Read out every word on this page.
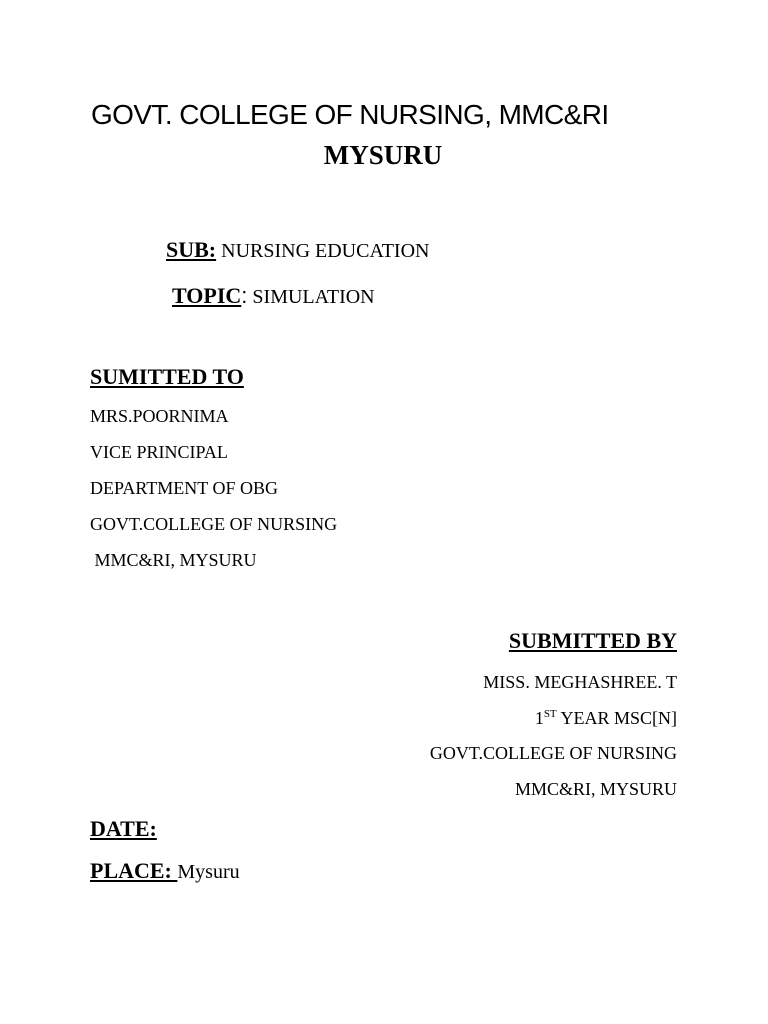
GOVT. COLLEGE OF NURSING, MMC&RI
MYSURU
SUB: NURSING EDUCATION
TOPIC: SIMULATION
SUMITTED TO
MRS.POORNIMA
VICE PRINCIPAL
DEPARTMENT OF OBG
GOVT.COLLEGE OF NURSING
MMC&RI, MYSURU
SUBMITTED BY
MISS. MEGHASHREE. T
1ST YEAR MSC[N]
GOVT.COLLEGE OF NURSING
MMC&RI, MYSURU
DATE:
PLACE: Mysuru
